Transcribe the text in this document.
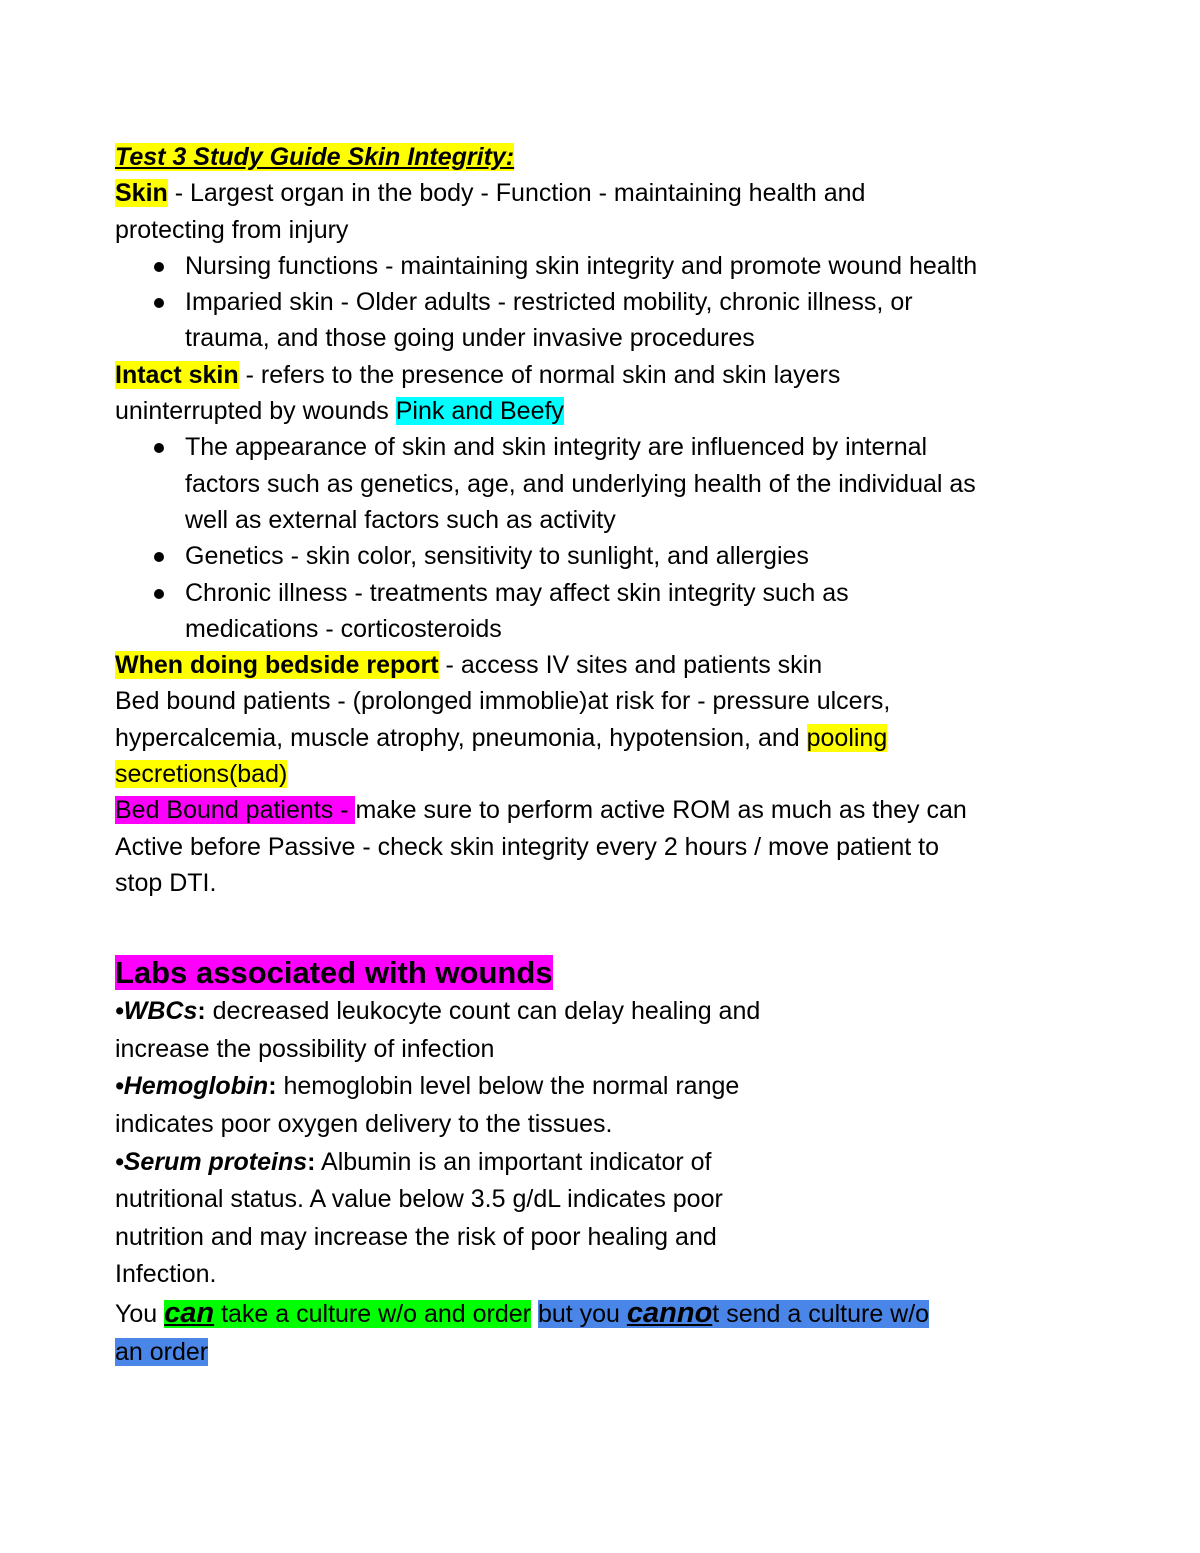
Test 3 Study Guide Skin Integrity:
Skin - Largest organ in the body - Function - maintaining health and
protecting from injury
Nursing functions - maintaining skin integrity and promote wound health
Imparied skin - Older adults - restricted mobility, chronic illness, or
trauma, and those going under invasive procedures
Intact skin - refers to the presence of normal skin and skin layers
uninterrupted by wounds Pink and Beefy
The appearance of skin and skin integrity are influenced by internal
factors such as genetics, age, and underlying health of the individual as
well as external factors such as activity
Genetics - skin color, sensitivity to sunlight, and allergies
Chronic illness - treatments may affect skin integrity such as
medications - corticosteroids
When doing bedside report - access IV sites and patients skin
Bed bound patients - (prolonged immoblie)at risk for - pressure ulcers,
hypercalcemia, muscle atrophy, pneumonia, hypotension, and pooling
secretions(bad)
Bed Bound patients - make sure to perform active ROM as much as they can
Active before Passive - check skin integrity every 2 hours / move patient to
stop DTI.
Labs associated with wounds
•WBCs: decreased leukocyte count can delay healing and
increase the possibility of infection
•Hemoglobin: hemoglobin level below the normal range
indicates poor oxygen delivery to the tissues.
•Serum proteins: Albumin is an important indicator of
nutritional status. A value below 3.5 g/dL indicates poor
nutrition and may increase the risk of poor healing and
Infection.
You can take a culture w/o and order but you cannot send a culture w/o
an order
